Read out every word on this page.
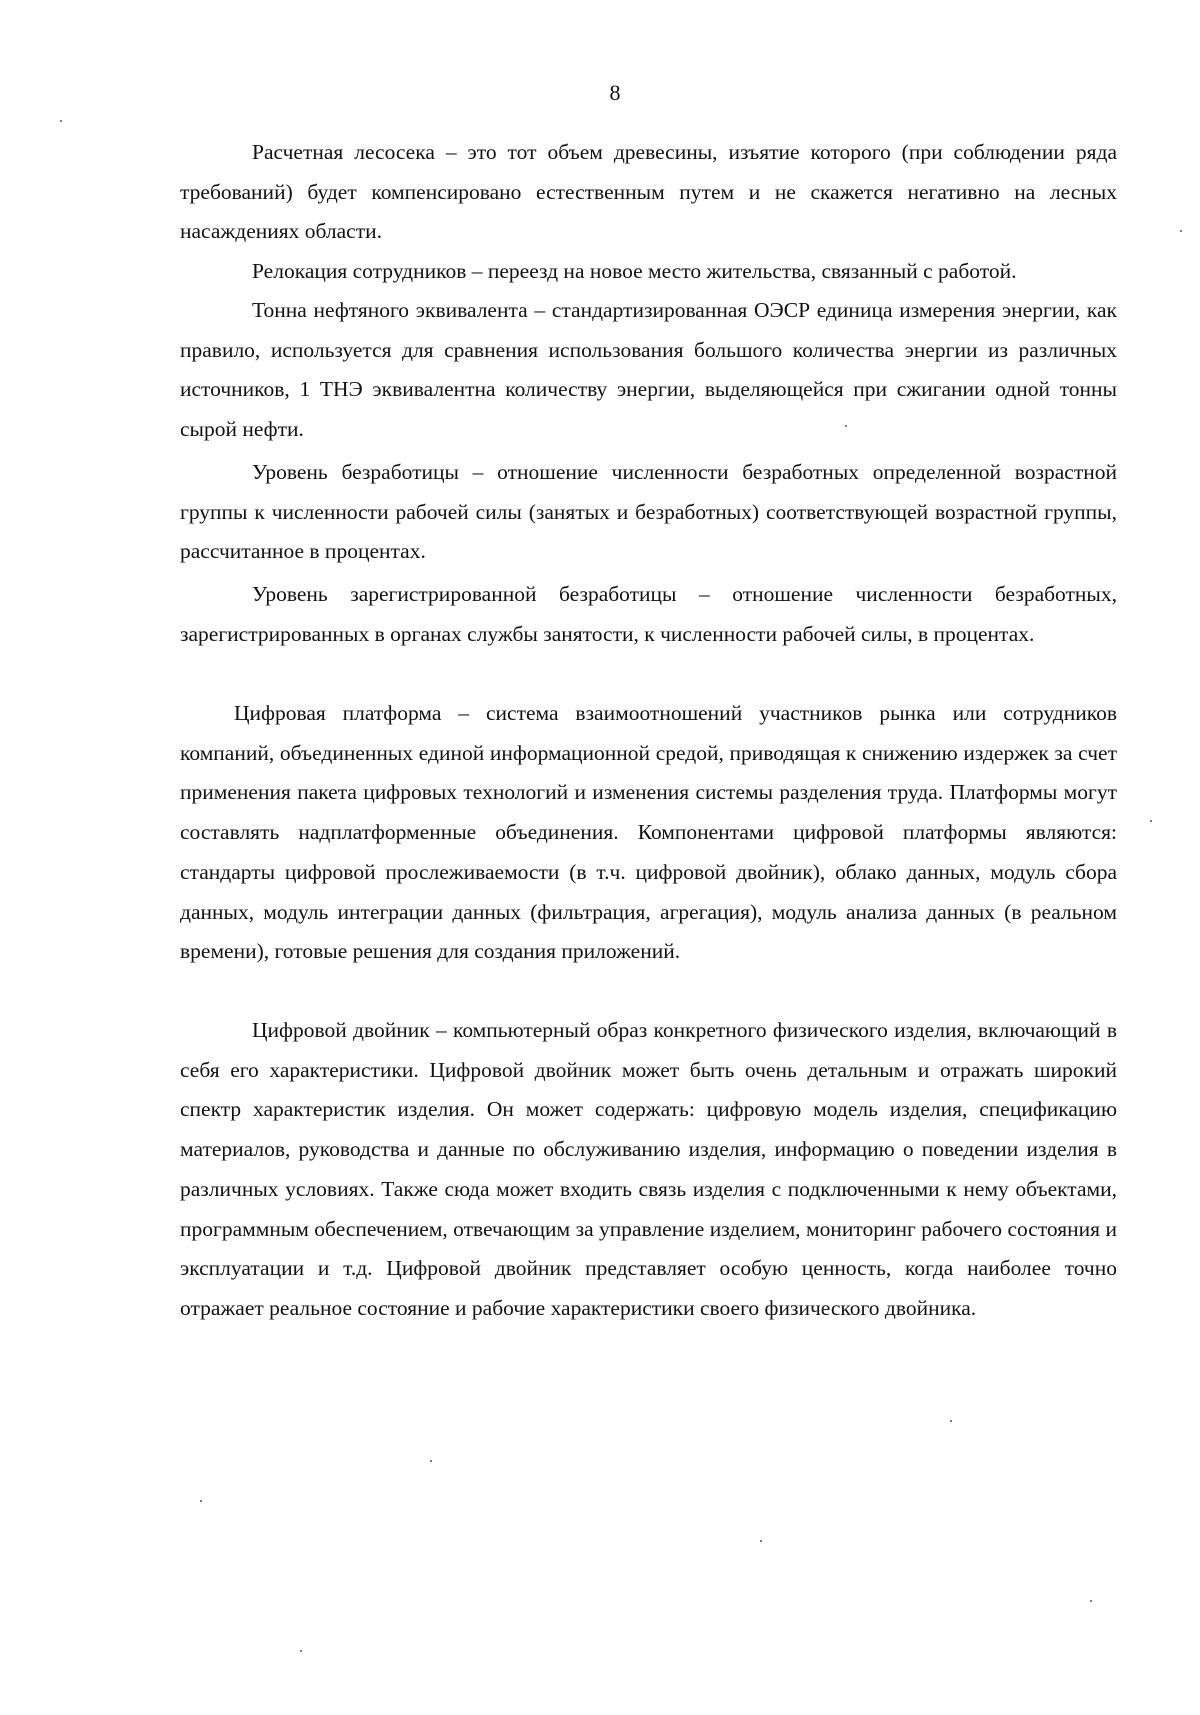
8

Расчетная лесосека – это тот объем древесины, изъятие которого (при соблюдении ряда требований) будет компенсировано естественным путем и не скажется негативно на лесных насаждениях области.

Релокация сотрудников – переезд на новое место жительства, связанный с работой.

Тонна нефтяного эквивалента – стандартизированная ОЭСР единица измерения энергии, как правило, используется для сравнения использования большого количества энергии из различных источников, 1 ТНЭ эквивалентна количеству энергии, выделяющейся при сжигании одной тонны сырой нефти.

Уровень безработицы – отношение численности безработных определенной возрастной группы к численности рабочей силы (занятых и безработных) соответствующей возрастной группы, рассчитанное в процентах.

Уровень зарегистрированной безработицы – отношение численности безработных, зарегистрированных в органах службы занятости, к численности рабочей силы, в процентах.

Цифровая платформа – система взаимоотношений участников рынка или сотрудников компаний, объединенных единой информационной средой, приводящая к снижению издержек за счет применения пакета цифровых технологий и изменения системы разделения труда. Платформы могут составлять надплатформенные объединения. Компонентами цифровой платформы являются: стандарты цифровой прослеживаемости (в т.ч. цифровой двойник), облако данных, модуль сбора данных, модуль интеграции данных (фильтрация, агрегация), модуль анализа данных (в реальном времени), готовые решения для создания приложений.

Цифровой двойник – компьютерный образ конкретного физического изделия, включающий в себя его характеристики. Цифровой двойник может быть очень детальным и отражать широкий спектр характеристик изделия. Он может содержать: цифровую модель изделия, спецификацию материалов, руководства и данные по обслуживанию изделия, информацию о поведении изделия в различных условиях. Также сюда может входить связь изделия с подключенными к нему объектами, программным обеспечением, отвечающим за управление изделием, мониторинг рабочего состояния и эксплуатации и т.д. Цифровой двойник представляет особую ценность, когда наиболее точно отражает реальное состояние и рабочие характеристики своего физического двойника.
